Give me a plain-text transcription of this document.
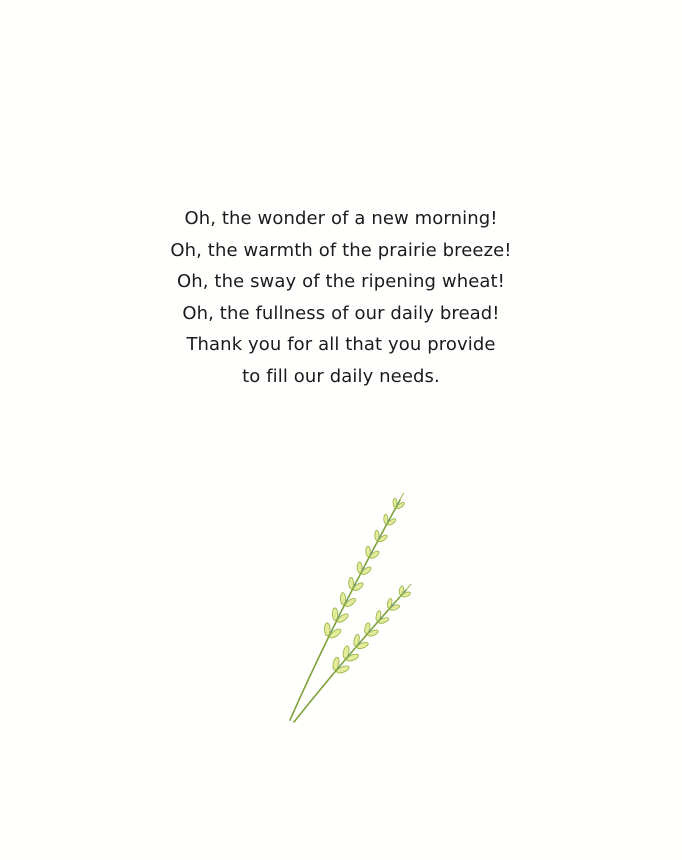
Oh, the wonder of a new morning!
Oh, the warmth of the prairie breeze!
Oh, the sway of the ripening wheat!
Oh, the fullness of our daily bread!
Thank you for all that you provide
to fill our daily needs.
